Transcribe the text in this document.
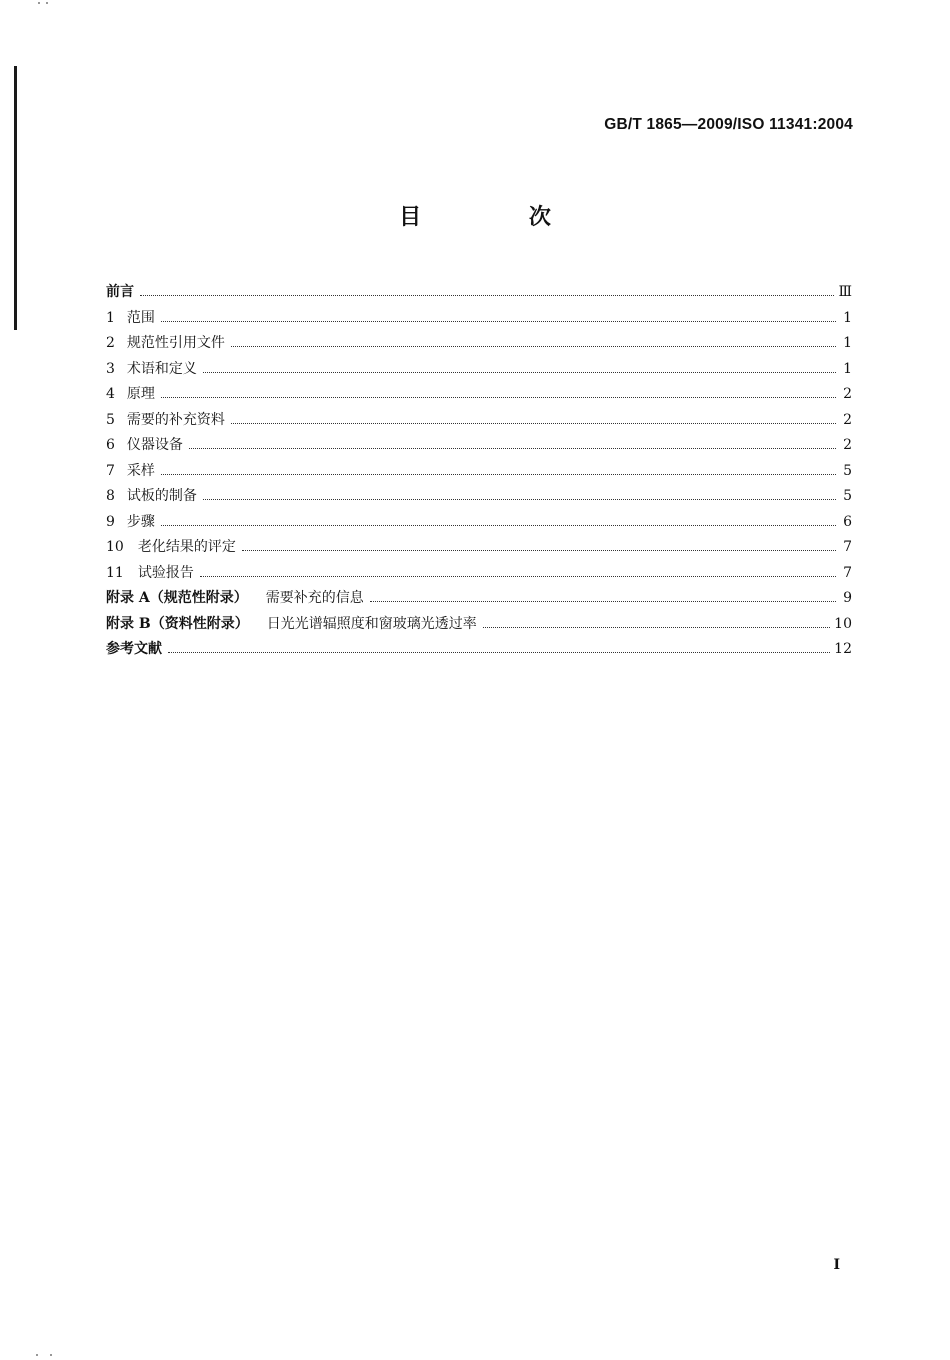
GB/T 1865—2009/ISO 11341:2004
目 次
前言	Ⅲ
1 范围	1
2 规范性引用文件	1
3 术语和定义	1
4 原理	2
5 需要的补充资料	2
6 仪器设备	2
7 采样	5
8 试板的制备	5
9 步骤	6
10	老化结果的评定	7
11	试验报告	7
附录 A（规范性附录）	需要补充的信息	9
附录 B（资料性附录）	日光光谱辐照度和窗玻璃光透过率	10
参考文献	12
I
